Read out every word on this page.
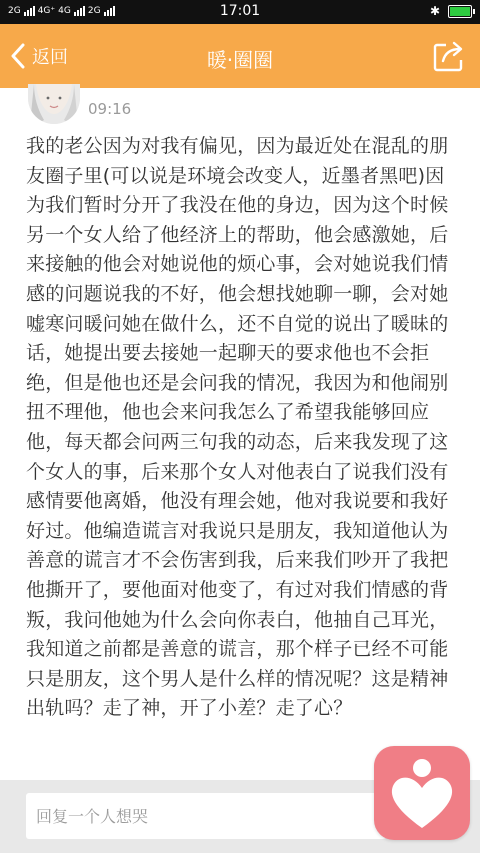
2G 4G⁺ 4G 2G	17:01	✱
返回	暖·圈圈
09:16

我的老公因为对我有偏见，因为最近处在混乱的朋友圈子里(可以说是环境会改变人，近墨者黑吧)因为我们暂时分开了我没在他的身边，因为这个时候另一个女人给了他经济上的帮助，他会感激她，后来接触的他会对她说他的烦心事，会对她说我们情感的问题说我的不好，他会想找她聊一聊，会对她嘘寒问暖问她在做什么，还不自觉的说出了暖昧的话，她提出要去接她一起聊天的要求他也不会拒绝，但是他也还是会问我的情况，我因为和他闹别扭不理他，他也会来问我怎么了希望我能够回应他，每天都会问两三句我的动态，后来我发现了这个女人的事，后来那个女人对他表白了说我们没有感情要他离婚，他没有理会她，他对我说要和我好好过。他编造谎言对我说只是朋友，我知道他认为善意的谎言才不会伤害到我，后来我们吵开了我把他撕开了，要他面对他变了，有过对我们情感的背叛，我问他她为什么会向你表白，他抽自己耳光，我知道之前都是善意的谎言，那个样子已经不可能只是朋友，这个男人是什么样的情况呢？这是精神出轨吗？走了神，开了小差？走了心？

回复一个人想哭
